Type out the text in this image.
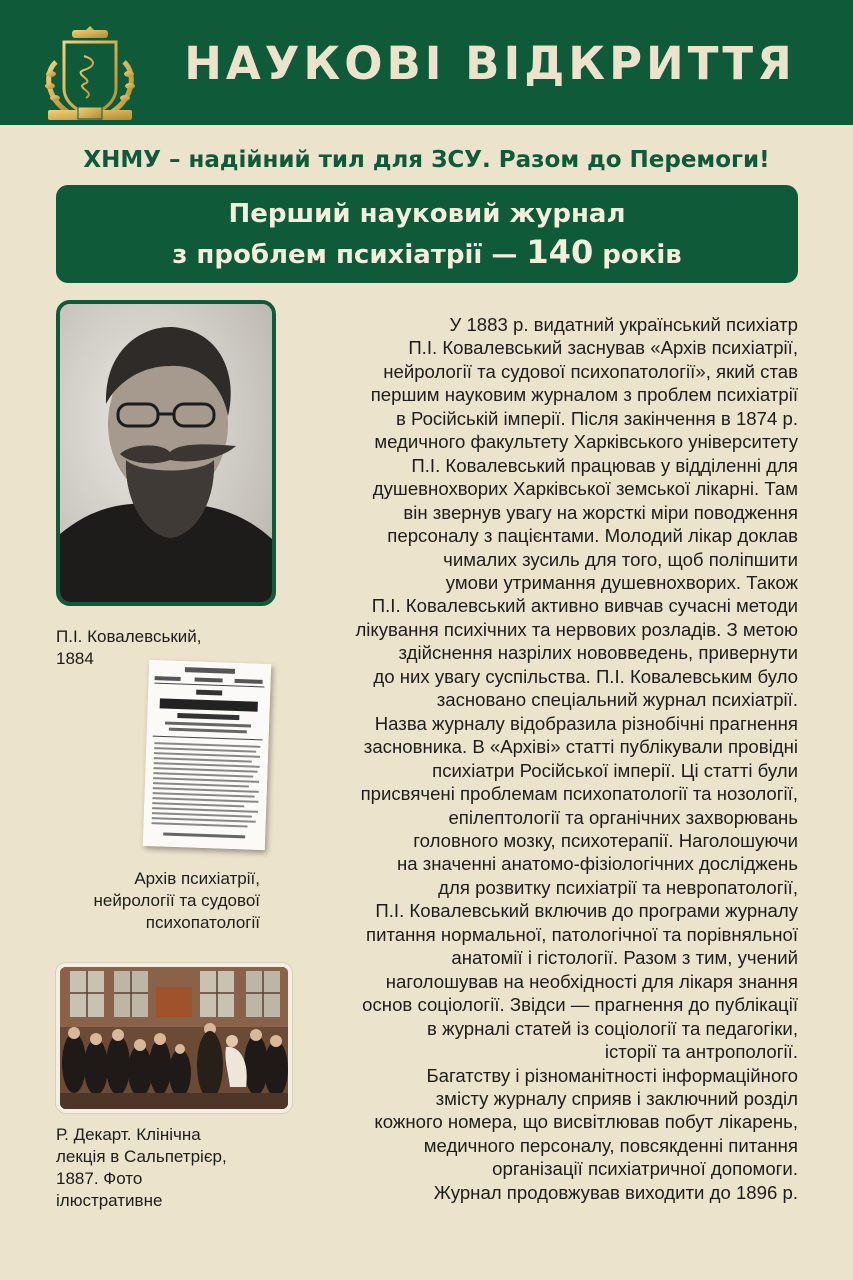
НАУКОВІ ВІДКРИТТЯ
ХНМУ – надійний тил для ЗСУ. Разом до Перемоги!
Перший науковий журнал
з проблем психіатрії — 140 років
П.І. Ковалевський,
1884
Архів психіатрії,
нейрології та судової
психопатології
Р. Декарт. Клінічна
лекція в Сальпетрієр,
1887. Фото
ілюстративне
У 1883 р. видатний український психіатр
П.І. Ковалевський заснував «Архів психіатрії,
нейрології та судової психопатології», який став
першим науковим журналом з проблем психіатрії
в Російській імперії. Після закінчення в 1874 р.
медичного факультету Харківського університету
П.І. Ковалевський працював у відділенні для
душевнохворих Харківської земської лікарні. Там
він звернув увагу на жорсткі міри поводження
персоналу з пацієнтами. Молодий лікар доклав
чималих зусиль для того, щоб поліпшити
умови утримання душевнохворих. Також
П.І. Ковалевський активно вивчав сучасні методи
лікування психічних та нервових розладів. З метою
здійснення назрілих нововведень, привернути
до них увагу суспільства. П.І. Ковалевським було
засновано спеціальний журнал психіатрії.
Назва журналу відобразила різнобічні прагнення
засновника. В «Архіві» статті публікували провідні
психіатри Російської імперії. Ці статті були
присвячені проблемам психопатології та нозології,
епілептології та органічних захворювань
головного мозку, психотерапії. Наголошуючи
на значенні анатомо-фізіологічних досліджень
для розвитку психіатрії та невропатології,
П.І. Ковалевський включив до програми журналу
питання нормальної, патологічної та порівняльної
анатомії і гістології. Разом з тим, учений
наголошував на необхідності для лікаря знання
основ соціології. Звідси — прагнення до публікації
в журналі статей із соціології та педагогіки,
історії та антропології.
Багатству і різноманітності інформаційного
змісту журналу сприяв і заключний розділ
кожного номера, що висвітлював побут лікарень,
медичного персоналу, повсякденні питання
організації психіатричної допомоги.
Журнал продовжував виходити до 1896 р.
